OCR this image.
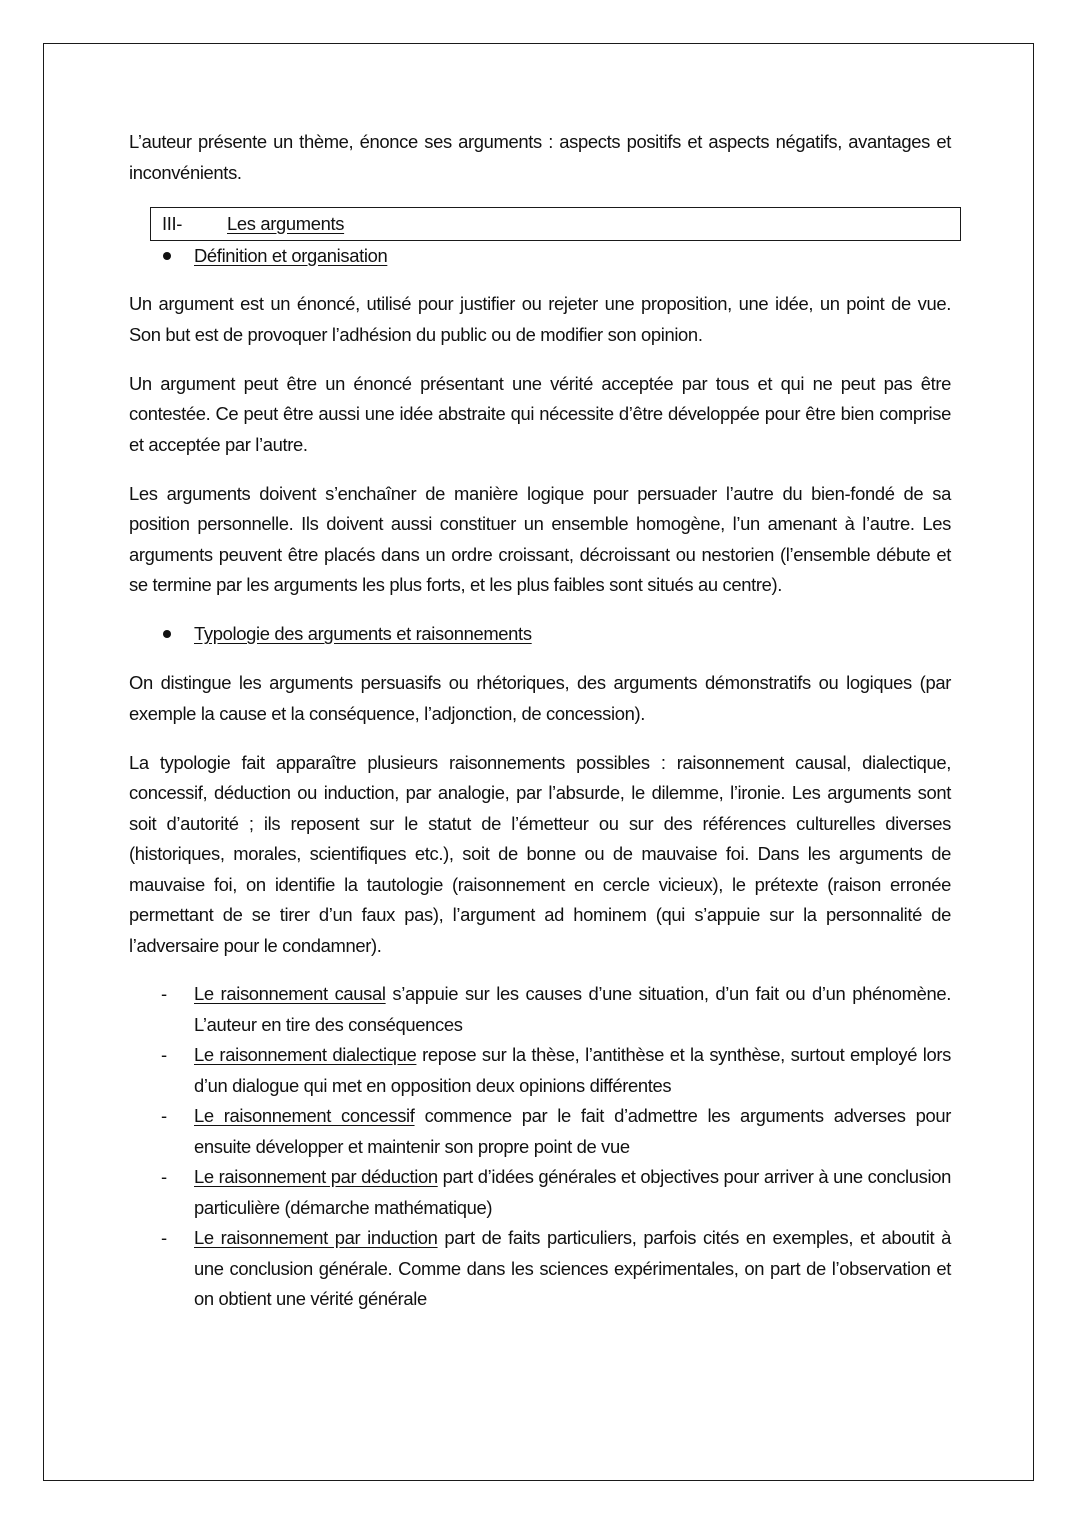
L’auteur présente un thème, énonce ses arguments : aspects positifs et aspects négatifs, avantages et inconvénients.

III- Les arguments
Définition et organisation

Un argument est un énoncé, utilisé pour justifier ou rejeter une proposition, une idée, un point de vue. Son but est de provoquer l’adhésion du public ou de modifier son opinion.

Un argument peut être un énoncé présentant une vérité acceptée par tous et qui ne peut pas être contestée. Ce peut être aussi une idée abstraite qui nécessite d’être développée pour être bien comprise et acceptée par l’autre.

Les arguments doivent s’enchaîner de manière logique pour persuader l’autre du bien-fondé de sa position personnelle. Ils doivent aussi constituer un ensemble homogène, l’un amenant à l’autre. Les arguments peuvent être placés dans un ordre croissant, décroissant ou nestorien (l’ensemble débute et se termine par les arguments les plus forts, et les plus faibles sont situés au centre).

Typologie des arguments et raisonnements

On distingue les arguments persuasifs ou rhétoriques, des arguments démonstratifs ou logiques (par exemple la cause et la conséquence, l’adjonction, de concession).

La typologie fait apparaître plusieurs raisonnements possibles : raisonnement causal, dialectique, concessif, déduction ou induction, par analogie, par l’absurde, le dilemme, l’ironie. Les arguments sont soit d’autorité ; ils reposent sur le statut de l’émetteur ou sur des références culturelles diverses (historiques, morales, scientifiques etc.), soit de bonne ou de mauvaise foi. Dans les arguments de mauvaise foi, on identifie la tautologie (raisonnement en cercle vicieux), le prétexte (raison erronée permettant de se tirer d’un faux pas), l’argument ad hominem (qui s’appuie sur la personnalité de l’adversaire pour le condamner).

- Le raisonnement causal s’appuie sur les causes d’une situation, d’un fait ou d’un phénomène. L’auteur en tire des conséquences
- Le raisonnement dialectique repose sur la thèse, l’antithèse et la synthèse, surtout employé lors d’un dialogue qui met en opposition deux opinions différentes
- Le raisonnement concessif commence par le fait d’admettre les arguments adverses pour ensuite développer et maintenir son propre point de vue
- Le raisonnement par déduction part d’idées générales et objectives pour arriver à une conclusion particulière (démarche mathématique)
- Le raisonnement par induction part de faits particuliers, parfois cités en exemples, et aboutit à une conclusion générale. Comme dans les sciences expérimentales, on part de l’observation et on obtient une vérité générale
